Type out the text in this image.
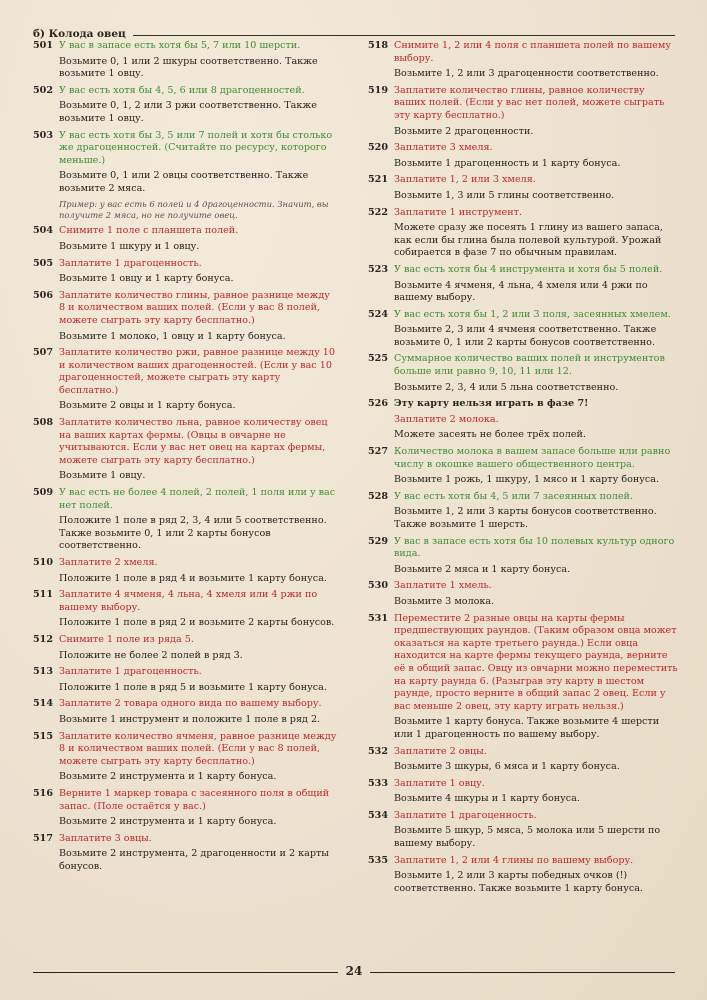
б) Колода овец
501 У вас в запасе есть хотя бы 5, 7 или 10 шерсти.
Возьмите 0, 1 или 2 шкуры соответственно. Также возьмите 1 овцу.
502 У вас есть хотя бы 4, 5, 6 или 8 драгоценностей.
Возьмите 0, 1, 2 или 3 ржи соответственно. Также возьмите 1 овцу.
503 У вас есть хотя бы 3, 5 или 7 полей и хотя бы столько же драгоценностей. (Считайте по ресурсу, которого меньше.)
Возьмите 0, 1 или 2 овцы соответственно. Также возьмите 2 мяса.
Пример: у вас есть 6 полей и 4 драгоценности. Значит, вы получите 2 мяса, но не получите овец.
504 Снимите 1 поле с планшета полей.
Возьмите 1 шкуру и 1 овцу.
505 Заплатите 1 драгоценность.
Возьмите 1 овцу и 1 карту бонуса.
506 Заплатите количество глины, равное разнице между 8 и количеством ваших полей. (Если у вас 8 полей, можете сыграть эту карту бесплатно.)
Возьмите 1 молоко, 1 овцу и 1 карту бонуса.
507 Заплатите количество ржи, равное разнице между 10 и количеством ваших драгоценностей. (Если у вас 10 драгоценностей, можете сыграть эту карту бесплатно.)
Возьмите 2 овцы и 1 карту бонуса.
508 Заплатите количество льна, равное количеству овец на ваших картах фермы. (Овцы в овчарне не учитываются. Если у вас нет овец на картах фермы, можете сыграть эту карту бесплатно.)
Возьмите 1 овцу.
509 У вас есть не более 4 полей, 2 полей, 1 поля или у вас нет полей.
Положите 1 поле в ряд 2, 3, 4 или 5 соответственно. Также возьмите 0, 1 или 2 карты бонусов соответственно.
510 Заплатите 2 хмеля.
Положите 1 поле в ряд 4 и возьмите 1 карту бонуса.
511 Заплатите 4 ячменя, 4 льна, 4 хмеля или 4 ржи по вашему выбору.
Положите 1 поле в ряд 2 и возьмите 2 карты бонусов.
512 Снимите 1 поле из ряда 5.
Положите не более 2 полей в ряд 3.
513 Заплатите 1 драгоценность.
Положите 1 поле в ряд 5 и возьмите 1 карту бонуса.
514 Заплатите 2 товара одного вида по вашему выбору.
Возьмите 1 инструмент и положите 1 поле в ряд 2.
515 Заплатите количество ячменя, равное разнице между 8 и количеством ваших полей. (Если у вас 8 полей, можете сыграть эту карту бесплатно.)
Возьмите 2 инструмента и 1 карту бонуса.
516 Верните 1 маркер товара с засеянного поля в общий запас. (Поле остаётся у вас.)
Возьмите 2 инструмента и 1 карту бонуса.
517 Заплатите 3 овцы.
Возьмите 2 инструмента, 2 драгоценности и 2 карты бонусов.
518 Снимите 1, 2 или 4 поля с планшета полей по вашему выбору.
Возьмите 1, 2 или 3 драгоценности соответственно.
519 Заплатите количество глины, равное количеству ваших полей. (Если у вас нет полей, можете сыграть эту карту бесплатно.)
Возьмите 2 драгоценности.
520 Заплатите 3 хмеля.
Возьмите 1 драгоценность и 1 карту бонуса.
521 Заплатите 1, 2 или 3 хмеля.
Возьмите 1, 3 или 5 глины соответственно.
522 Заплатите 1 инструмент.
Можете сразу же посеять 1 глину из вашего запаса, как если бы глина была полевой культурой. Урожай собирается в фазе 7 по обычным правилам.
523 У вас есть хотя бы 4 инструмента и хотя бы 5 полей.
Возьмите 4 ячменя, 4 льна, 4 хмеля или 4 ржи по вашему выбору.
524 У вас есть хотя бы 1, 2 или 3 поля, засеянных хмелем.
Возьмите 2, 3 или 4 ячменя соответственно. Также возьмите 0, 1 или 2 карты бонусов соответственно.
525 Суммарное количество ваших полей и инструментов больше или равно 9, 10, 11 или 12.
Возьмите 2, 3, 4 или 5 льна соответственно.
526 Эту карту нельзя играть в фазе 7!
Заплатите 2 молока.
Можете засеять не более трёх полей.
527 Количество молока в вашем запасе больше или равно числу в окошке вашего общественного центра.
Возьмите 1 рожь, 1 шкуру, 1 мясо и 1 карту бонуса.
528 У вас есть хотя бы 4, 5 или 7 засеянных полей.
Возьмите 1, 2 или 3 карты бонусов соответственно. Также возьмите 1 шерсть.
529 У вас в запасе есть хотя бы 10 полевых культур одного вида.
Возьмите 2 мяса и 1 карту бонуса.
530 Заплатите 1 хмель.
Возьмите 3 молока.
531 Переместите 2 разные овцы на карты фермы предшествующих раундов. (Таким образом овца может оказаться на карте третьего раунда.) Если овца находится на карте фермы текущего раунда, верните её в общий запас. Овцу из овчарни можно переместить на карту раунда 6. (Разыграв эту карту в шестом раунде, просто верните в общий запас 2 овец. Если у вас меньше 2 овец, эту карту играть нельзя.)
Возьмите 1 карту бонуса. Также возьмите 4 шерсти или 1 драгоценность по вашему выбору.
532 Заплатите 2 овцы.
Возьмите 3 шкуры, 6 мяса и 1 карту бонуса.
533 Заплатите 1 овцу.
Возьмите 4 шкуры и 1 карту бонуса.
534 Заплатите 1 драгоценность.
Возьмите 5 шкур, 5 мяса, 5 молока или 5 шерсти по вашему выбору.
535 Заплатите 1, 2 или 4 глины по вашему выбору.
Возьмите 1, 2 или 3 карты победных очков (!) соответственно. Также возьмите 1 карту бонуса.
24
